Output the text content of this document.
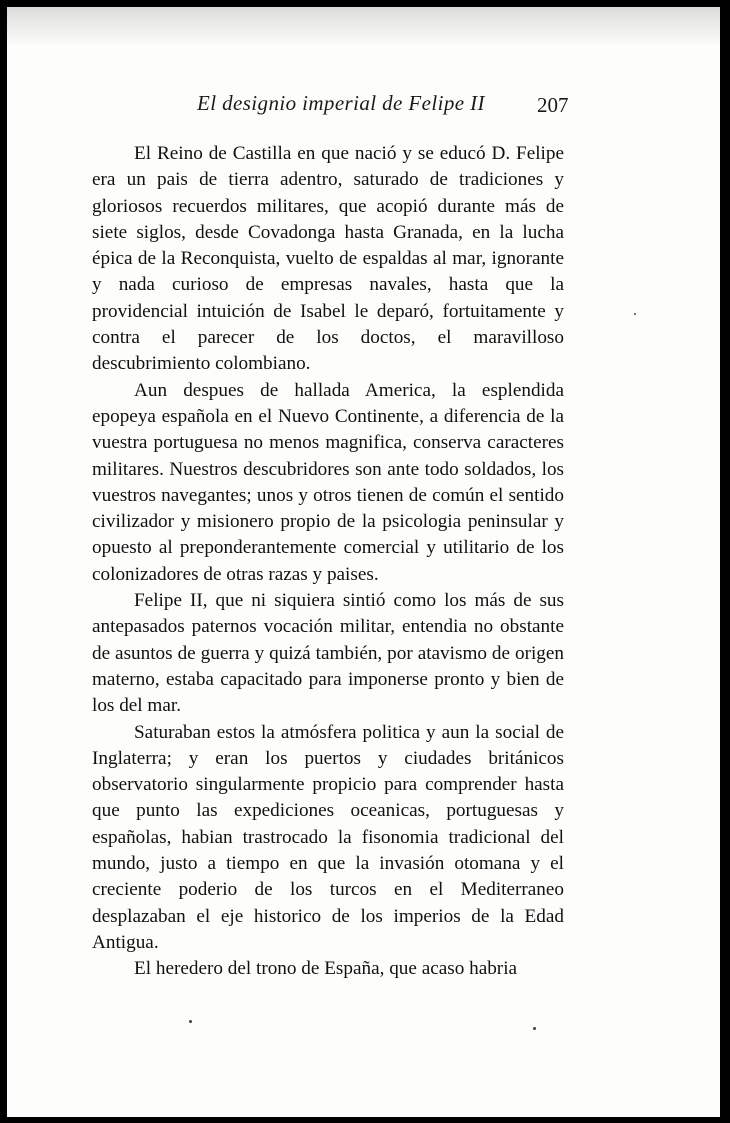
El designio imperial de Felipe II 207

El Reino de Castilla en que nació y se educó D. Felipe era un pais de tierra adentro, saturado de tradiciones y gloriosos recuerdos militares, que acopió durante más de siete siglos, desde Covadonga hasta Granada, en la lucha épica de la Reconquista, vuelto de espaldas al mar, ignorante y nada curioso de empresas navales, hasta que la providencial intuición de Isabel le deparó, fortuitamente y contra el parecer de los doctos, el maravilloso descubrimiento colombiano.

Aun despues de hallada America, la esplendida epopeya española en el Nuevo Continente, a diferencia de la vuestra portuguesa no menos magnifica, conserva caracteres militares. Nuestros descubridores son ante todo soldados, los vuestros navegantes; unos y otros tienen de común el sentido civilizador y misionero propio de la psicologia peninsular y opuesto al preponderantemente comercial y utilitario de los colonizadores de otras razas y paises.

Felipe II, que ni siquiera sintió como los más de sus antepasados paternos vocación militar, entendia no obstante de asuntos de guerra y quizá también, por atavismo de origen materno, estaba capacitado para imponerse pronto y bien de los del mar.

Saturaban estos la atmósfera politica y aun la social de Inglaterra; y eran los puertos y ciudades británicos observatorio singularmente propicio para comprender hasta que punto las expediciones oceanicas, portuguesas y españolas, habian trastrocado la fisonomia tradicional del mundo, justo a tiempo en que la invasión otomana y el creciente poderio de los turcos en el Mediterraneo desplazaban el eje historico de los imperios de la Edad Antigua.

El heredero del trono de España, que acaso habria
